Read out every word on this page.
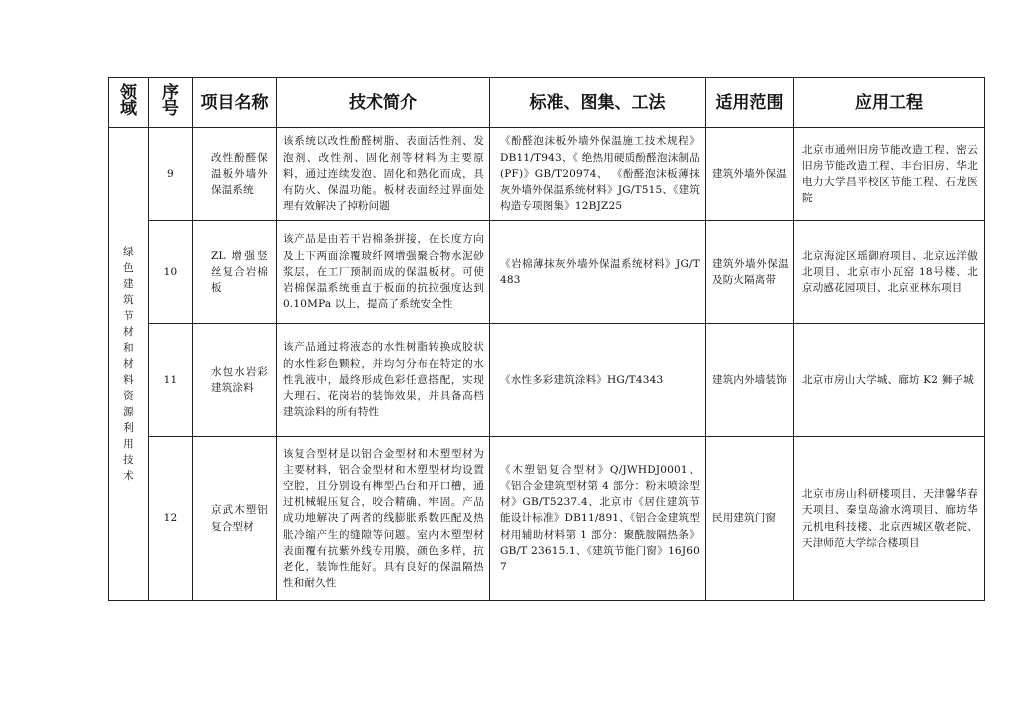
领域	序号	项目名称	技术简介	标准、图集、工法	适用范围	应用工程
绿色建筑节材和材料资源利用技术	9	改性酚醛保温板外墙外保温系统	该系统以改性酚醛树脂、表面活性剂、发泡剂、改性剂、固化剂等材料为主要原料，通过连续发泡、固化和熟化而成，具有防火、保温功能。板材表面经过界面处理有效解决了掉粉问题	《酚醛泡沫板外墙外保温施工技术规程》DB11/T943、《 绝热用硬质酚醛泡沫制品(PF)》GB/T20974、 《酚醛泡沫板薄抹灰外墙外保温系统材料》JG/T515、《建筑构造专项图集》12BJZ25	建筑外墙外保温	北京市通州旧房节能改造工程、密云旧房节能改造工程、丰台旧房、华北电力大学昌平校区节能工程、石龙医院

	10	ZL 增强竖丝复合岩棉板	该产品是由若干岩棉条拼接，在长度方向及上下两面涂覆玻纤网增强聚合物水泥砂浆层，在工厂预制而成的保温板材。可使岩棉保温系统垂直于板面的抗拉强度达到 0.10MPa 以上，提高了系统安全性	《岩棉薄抹灰外墙外保温系统材料》JG/T483	建筑外墙外保温及防火隔离带	北京海淀区瑶御府项目、北京远洋傲北项目、北京市小瓦窑 18号楼、北京动感花园项目、北京亚林东项目

	11	水包水岩彩建筑涂料	该产品通过将液态的水性树脂转换成胶状的水性彩色颗粒，并均匀分布在特定的水性乳液中，最终形成色彩任意搭配，实现大理石、花岗岩的装饰效果，并具备高档建筑涂料的所有特性	《水性多彩建筑涂料》HG/T4343	建筑内外墙装饰	北京市房山大学城、廊坊 K2 狮子城

	12	京武木塑铝复合型材	该复合型材是以铝合金型材和木塑型材为主要材料，铝合金型材和木塑型材均设置空腔，且分别设有榫型凸台和开口槽，通过机械辊压复合，咬合精确、牢固。产品成功地解决了两者的线膨胀系数匹配及热胀冷缩产生的缝隙等问题。室内木塑型材表面覆有抗紫外线专用膜，颜色多样，抗老化，装饰性能好。具有良好的保温隔热性和耐久性	《木塑铝复合型材》Q/JWHDJ0001、《铝合金建筑型材第 4 部分：粉末喷涂型材》GB/T5237.4、北京市《居住建筑节能设计标准》DB11/891、《铝合金建筑型材用辅助材料第 1 部分：聚酰胺隔热条》GB/T 23615.1、《建筑节能门窗》16J607	民用建筑门窗	北京市房山科研楼项目、天津馨华春天项目、秦皇岛渝水湾项目、廊坊华元机电科技楼、北京西城区敬老院、天津师范大学综合楼项目
